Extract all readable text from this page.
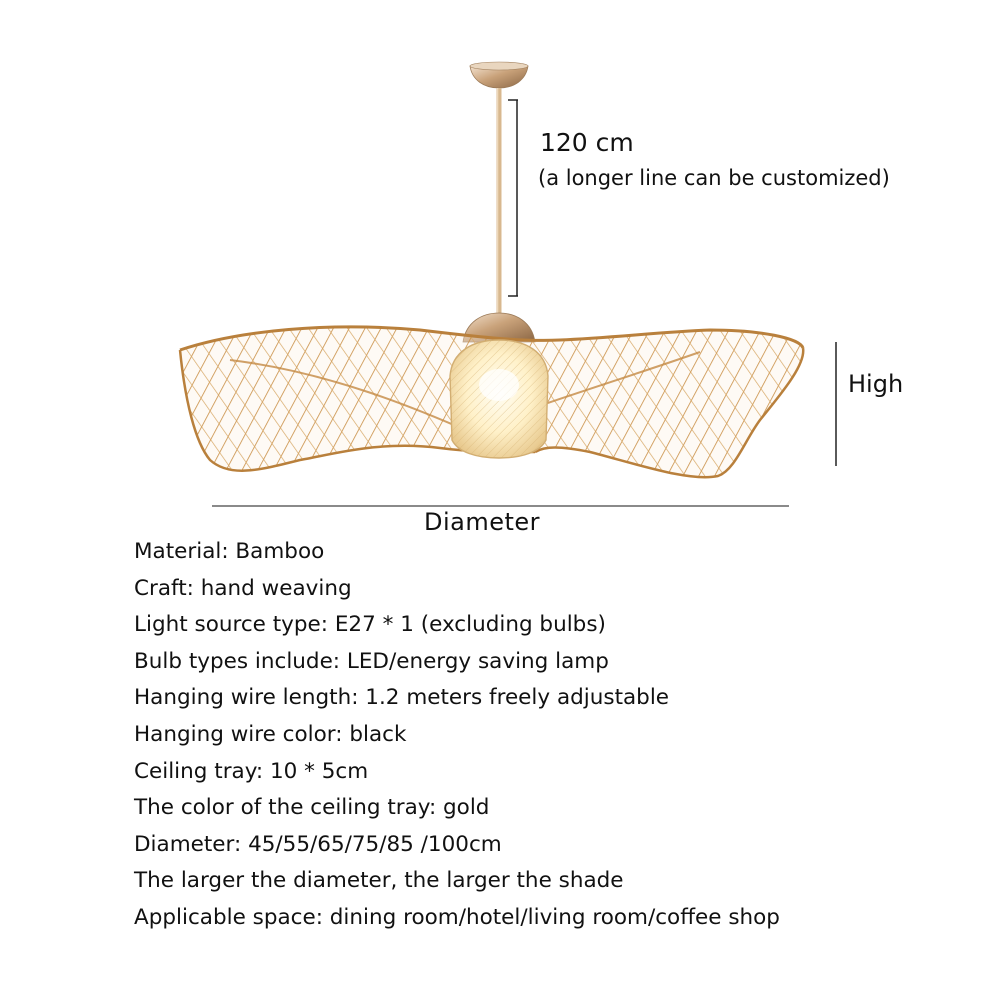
120 cm
(a longer line can be customized)
High
Diameter
Material: Bamboo
Craft: hand weaving
Light source type: E27 * 1 (excluding bulbs)
Bulb types include: LED/energy saving lamp
Hanging wire length: 1.2 meters freely adjustable
Hanging wire color: black
Ceiling tray: 10 * 5cm
The color of the ceiling tray: gold
Diameter: 45/55/65/75/85 /100cm
The larger the diameter, the larger the shade
Applicable space: dining room/hotel/living room/coffee shop
